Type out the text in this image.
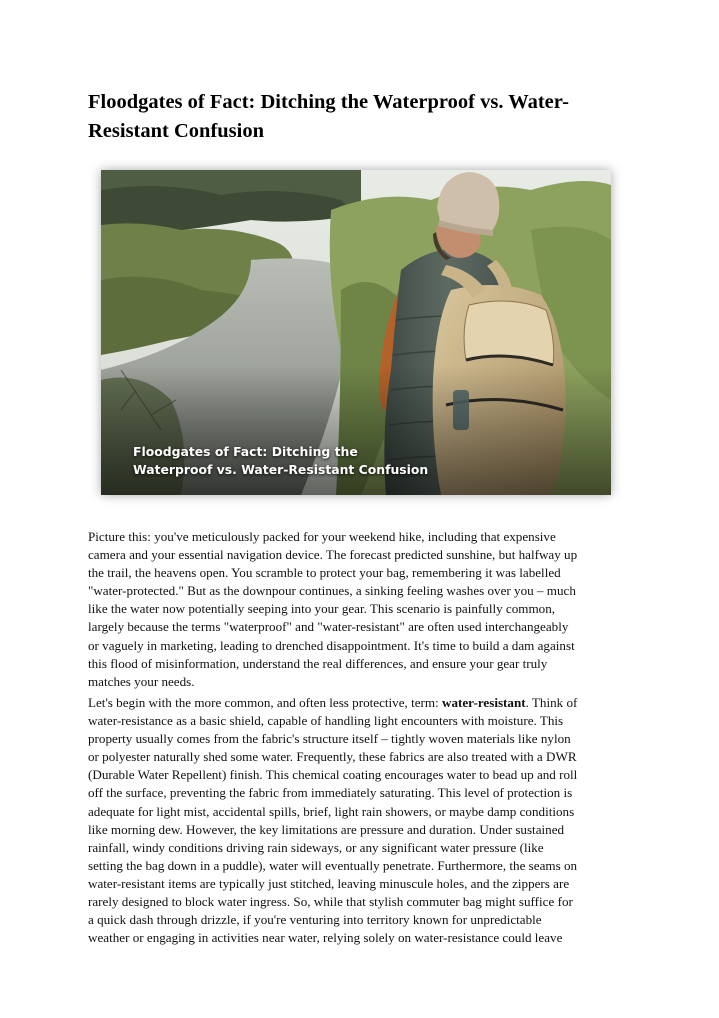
Floodgates of Fact: Ditching the Waterproof vs. Water-
Resistant Confusion
Floodgates of Fact: Ditching the
Waterproof vs. Water-Resistant Confusion
Picture this: you've meticulously packed for your weekend hike, including that expensive
camera and your essential navigation device. The forecast predicted sunshine, but halfway up
the trail, the heavens open. You scramble to protect your bag, remembering it was labelled
"water-protected." But as the downpour continues, a sinking feeling washes over you – much
like the water now potentially seeping into your gear. This scenario is painfully common,
largely because the terms "waterproof" and "water-resistant" are often used interchangeably
or vaguely in marketing, leading to drenched disappointment. It's time to build a dam against
this flood of misinformation, understand the real differences, and ensure your gear truly
matches your needs.
Let's begin with the more common, and often less protective, term: water-resistant. Think of
water-resistance as a basic shield, capable of handling light encounters with moisture. This
property usually comes from the fabric's structure itself – tightly woven materials like nylon
or polyester naturally shed some water. Frequently, these fabrics are also treated with a DWR
(Durable Water Repellent) finish. This chemical coating encourages water to bead up and roll
off the surface, preventing the fabric from immediately saturating. This level of protection is
adequate for light mist, accidental spills, brief, light rain showers, or maybe damp conditions
like morning dew. However, the key limitations are pressure and duration. Under sustained
rainfall, windy conditions driving rain sideways, or any significant water pressure (like
setting the bag down in a puddle), water will eventually penetrate. Furthermore, the seams on
water-resistant items are typically just stitched, leaving minuscule holes, and the zippers are
rarely designed to block water ingress. So, while that stylish commuter bag might suffice for
a quick dash through drizzle, if you're venturing into territory known for unpredictable
weather or engaging in activities near water, relying solely on water-resistance could leave
